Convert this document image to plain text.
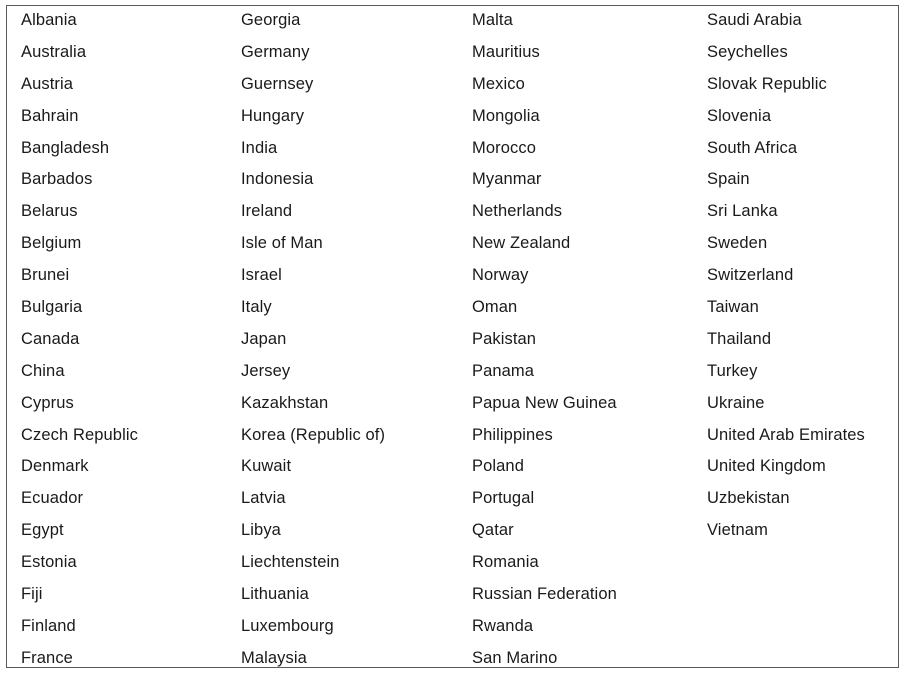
Albania
Australia
Austria
Bahrain
Bangladesh
Barbados
Belarus
Belgium
Brunei
Bulgaria
Canada
China
Cyprus
Czech Republic
Denmark
Ecuador
Egypt
Estonia
Fiji
Finland
France
Georgia
Germany
Guernsey
Hungary
India
Indonesia
Ireland
Isle of Man
Israel
Italy
Japan
Jersey
Kazakhstan
Korea (Republic of)
Kuwait
Latvia
Libya
Liechtenstein
Lithuania
Luxembourg
Malaysia
Malta
Mauritius
Mexico
Mongolia
Morocco
Myanmar
Netherlands
New Zealand
Norway
Oman
Pakistan
Panama
Papua New Guinea
Philippines
Poland
Portugal
Qatar
Romania
Russian Federation
Rwanda
San Marino
Saudi Arabia
Seychelles
Slovak Republic
Slovenia
South Africa
Spain
Sri Lanka
Sweden
Switzerland
Taiwan
Thailand
Turkey
Ukraine
United Arab Emirates
United Kingdom
Uzbekistan
Vietnam
